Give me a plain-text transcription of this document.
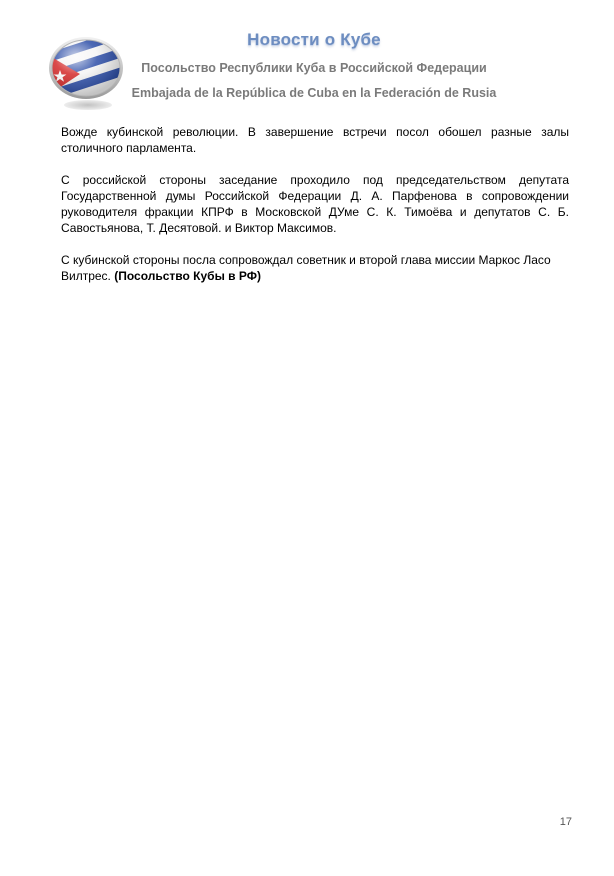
Новости о Кубе
Посольство Республики Куба в Российской Федерации
Embajada de la República de Cuba en la Federación de Rusia

Вожде кубинской революции. В завершение встречи посол обошел разные залы столичного парламента.

С российской стороны заседание проходило под председательством депутата Государственной думы Российской Федерации Д. А. Парфенова в сопровождении руководителя фракции КПРФ в Московской ДУме С. К. Тимоёва и депутатов С. Б. Савостьянова, Т. Десятовой. и Виктор Максимов.

С кубинской стороны посла сопровождал советник и второй глава миссии Маркос Ласо Вилтрес. (Посольство Кубы в РФ)

17
